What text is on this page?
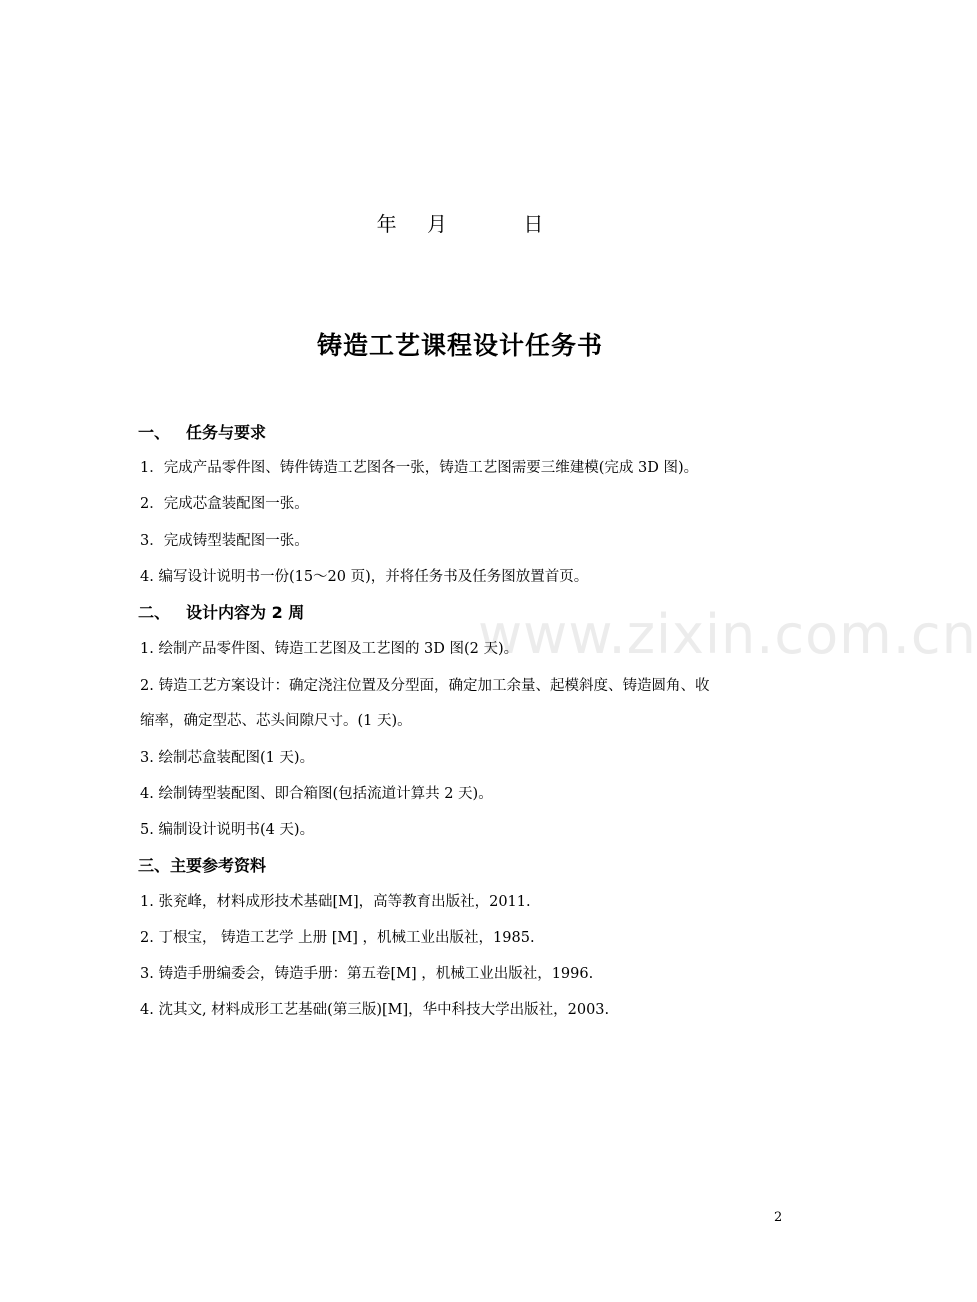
年 月	日
铸造工艺课程设计任务书
www.zixin.com.cn
一、 任务与要求
1．完成产品零件图、铸件铸造工艺图各一张，铸造工艺图需要三维建模(完成 3D 图)。
2．完成芯盒装配图一张。
3．完成铸型装配图一张。
4. 编写设计说明书一份(15～20 页)，并将任务书及任务图放置首页。
二、 设计内容为 2 周
1. 绘制产品零件图、铸造工艺图及工艺图的 3D 图(2 天)。
2. 铸造工艺方案设计：确定浇注位置及分型面，确定加工余量、起模斜度、铸造圆角、收
缩率，确定型芯、芯头间隙尺寸。(1 天)。
3. 绘制芯盒装配图(1 天)。
4. 绘制铸型装配图、即合箱图(包括流道计算共 2 天)。
5. 编制设计说明书(4 天)。
三、主要参考资料
1. 张兖峰，材料成形技术基础[M]，高等教育出版社，2011.
2. 丁根宝， 铸造工艺学 上册 [M] ，机械工业出版社，1985.
3. 铸造手册编委会，铸造手册：第五卷[M] ，机械工业出版社，1996.
4. 沈其文, 材料成形工艺基础(第三版)[M]，华中科技大学出版社，2003.
2
